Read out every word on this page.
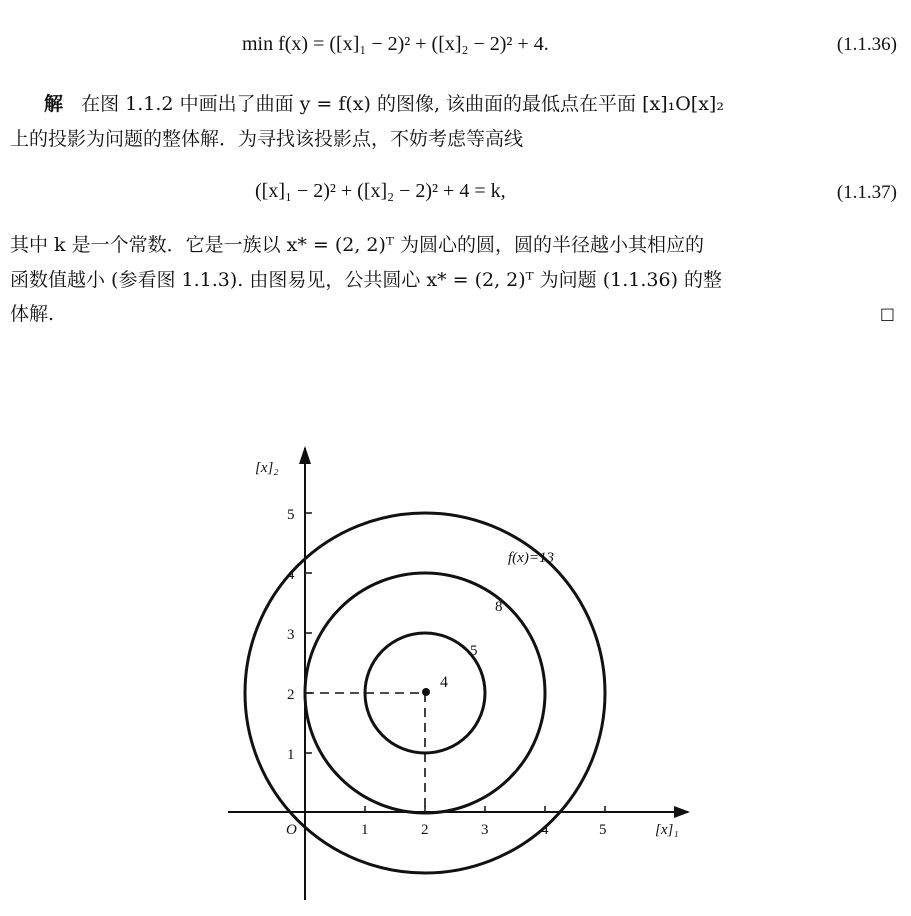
min f(x) = ([x]₁ − 2)² + ([x]₂ − 2)² + 4.	(1.1.36)
解 在图 1.1.2 中画出了曲面 y = f(x) 的图像, 该曲面的最低点在平面 [x]₁O[x]₂
上的投影为问题的整体解．为寻找该投影点，不妨考虑等高线
([x]₁ − 2)² + ([x]₂ − 2)² + 4 = k,	(1.1.37)
其中 k 是一个常数．它是一族以 x* = (2, 2)ᵀ 为圆心的圆，圆的半径越小其相应的
函数值越小 (参看图 1.1.3). 由图易见，公共圆心 x* = (2, 2)ᵀ 为问题 (1.1.36) 的整
体解.	□
4
1	2	3	4	5
1
2
3
4
5
O
[x]₂
[x]₁
5
8
f(x)=13
